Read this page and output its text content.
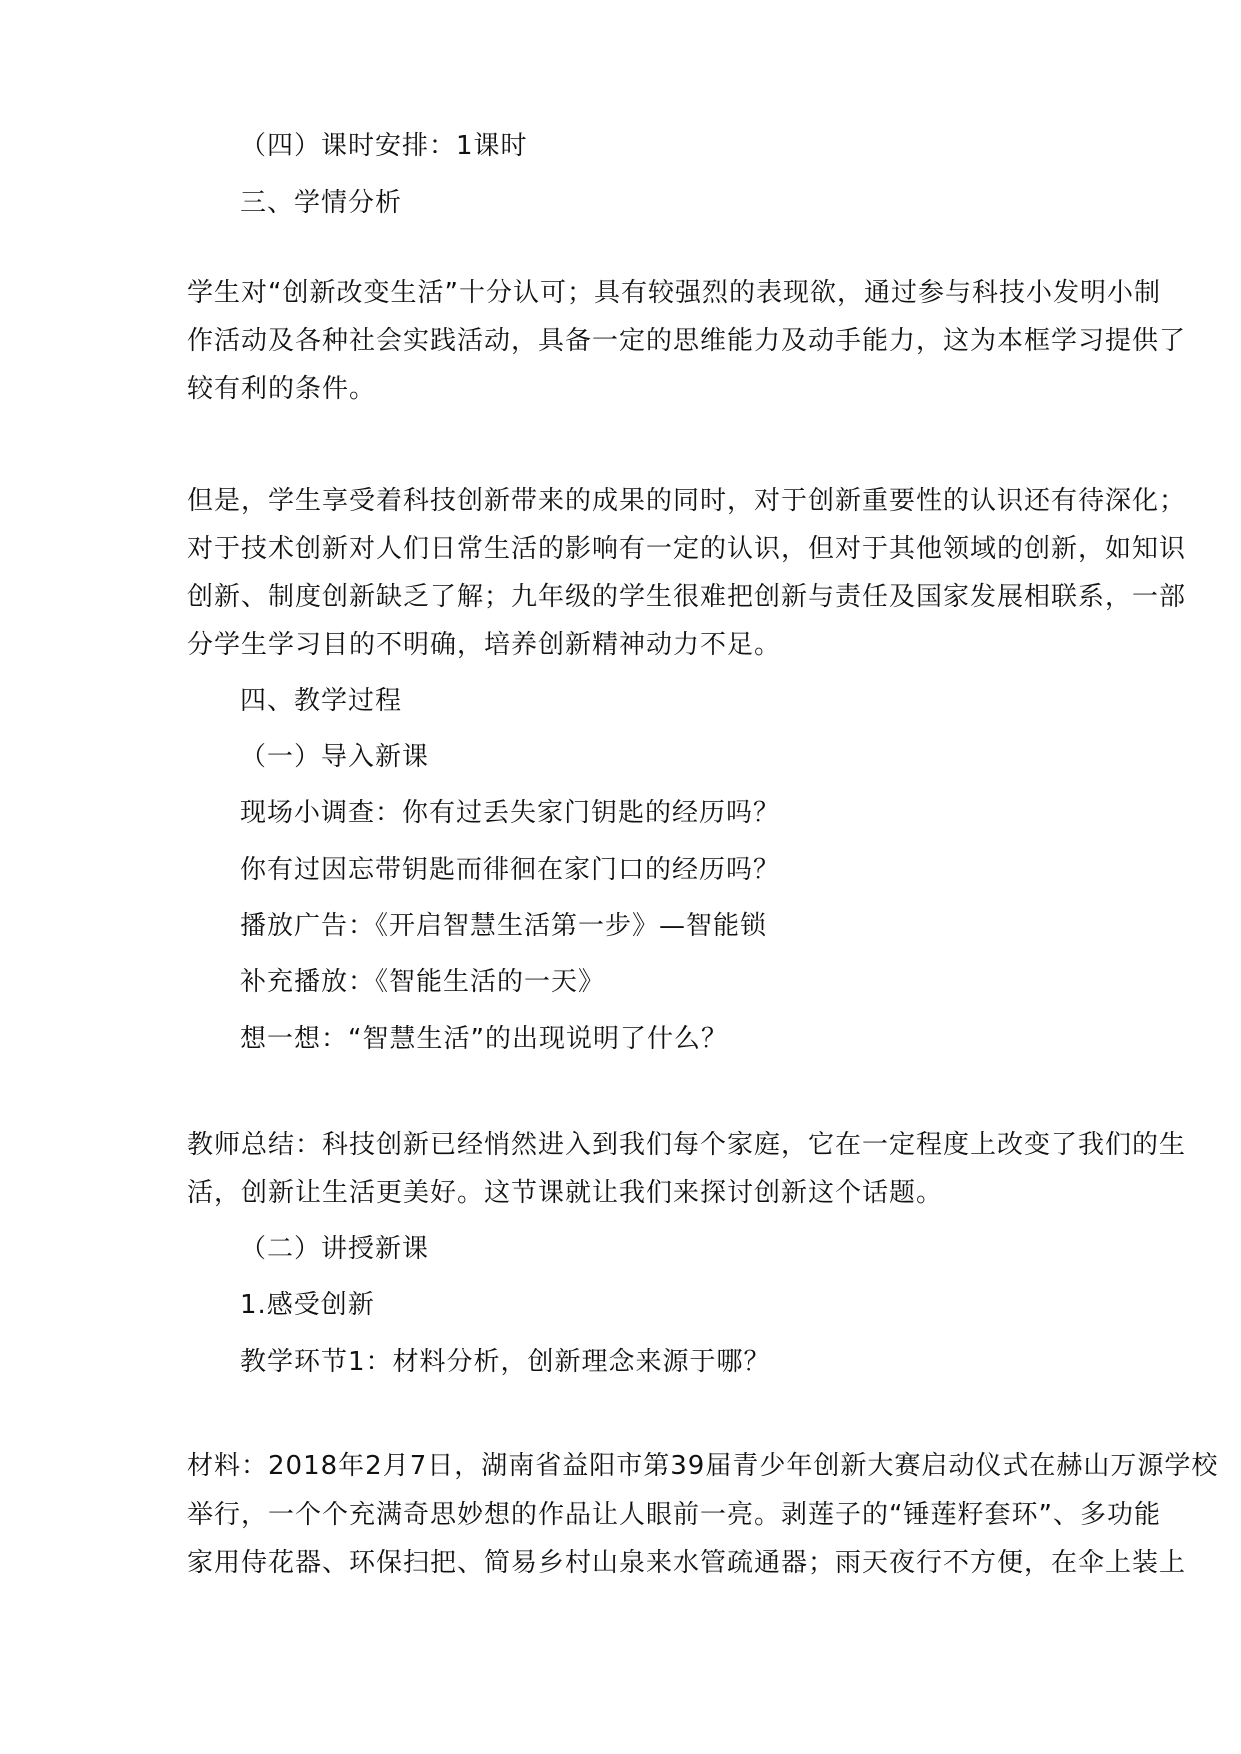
（四）课时安排：1课时
三、学情分析
学生对“创新改变生活”十分认可；具有较强烈的表现欲，通过参与科技小发明小制
作活动及各种社会实践活动，具备一定的思维能力及动手能力，这为本框学习提供了
较有利的条件。
但是，学生享受着科技创新带来的成果的同时，对于创新重要性的认识还有待深化；
对于技术创新对人们日常生活的影响有一定的认识，但对于其他领域的创新，如知识
创新、制度创新缺乏了解；九年级的学生很难把创新与责任及国家发展相联系，一部
分学生学习目的不明确，培养创新精神动力不足。
四、教学过程
（一）导入新课
现场小调查：你有过丢失家门钥匙的经历吗？
你有过因忘带钥匙而徘徊在家门口的经历吗？
播放广告：《开启智慧生活第一步》—智能锁
补充播放：《智能生活的一天》
想一想：“智慧生活”的出现说明了什么？
教师总结：科技创新已经悄然进入到我们每个家庭，它在一定程度上改变了我们的生
活，创新让生活更美好。这节课就让我们来探讨创新这个话题。
（二）讲授新课
1.感受创新
教学环节1：材料分析，创新理念来源于哪？
材料：2018年2月7日，湖南省益阳市第39届青少年创新大赛启动仪式在赫山万源学校
举行，一个个充满奇思妙想的作品让人眼前一亮。剥莲子的“锤莲籽套环”、多功能
家用侍花器、环保扫把、简易乡村山泉来水管疏通器；雨天夜行不方便，在伞上装上
